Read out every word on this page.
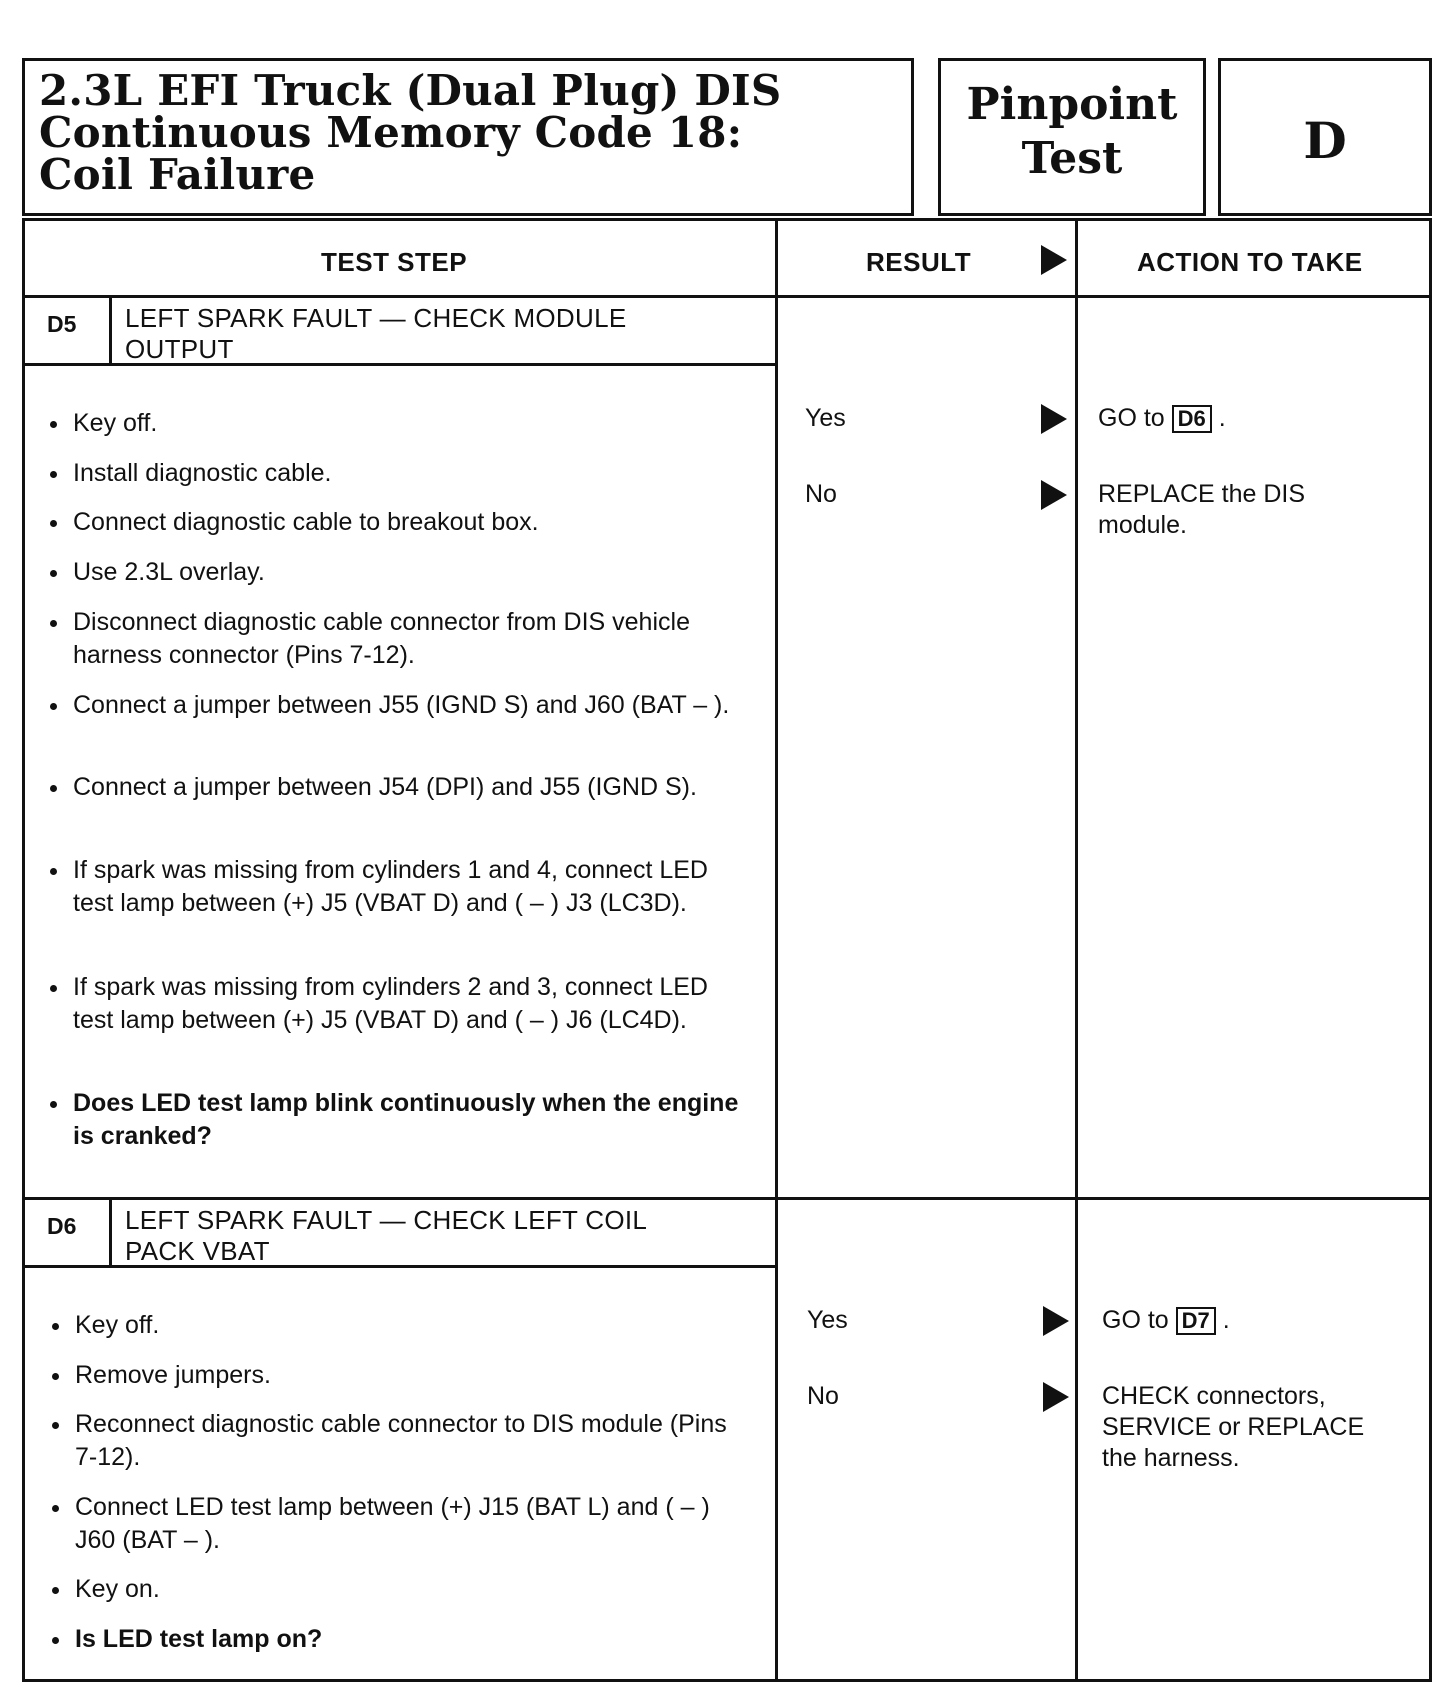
2.3L EFI Truck (Dual Plug) DIS
Continuous Memory Code 18:
Coil Failure
Pinpoint
Test	D
TEST STEP	RESULT	ACTION TO TAKE
D5 LEFT SPARK FAULT — CHECK MODULE
OUTPUT
Key off.
Install diagnostic cable.
Connect diagnostic cable to breakout box.
Use 2.3L overlay.
Disconnect diagnostic cable connector from DIS vehicle harness connector (Pins 7-12).
Connect a jumper between J55 (IGND S) and J60 (BAT – ).
Connect a jumper between J54 (DPI) and J55 (IGND S).
If spark was missing from cylinders 1 and 4, connect LED test lamp between (+) J5 (VBAT D) and ( – ) J3 (LC3D).
If spark was missing from cylinders 2 and 3, connect LED test lamp between (+) J5 (VBAT D) and ( – ) J6 (LC4D).
Does LED test lamp blink continuously when the engine is cranked?
Yes	GO to D6 .
No	REPLACE the DIS
module.
D6 LEFT SPARK FAULT — CHECK LEFT COIL
PACK VBAT
Key off.
Remove jumpers.
Reconnect diagnostic cable connector to DIS module (Pins 7-12).
Connect LED test lamp between (+) J15 (BAT L) and ( – ) J60 (BAT – ).
Key on.
Is LED test lamp on?
Yes	GO to D7 .
No	CHECK connectors,
SERVICE or REPLACE
the harness.
